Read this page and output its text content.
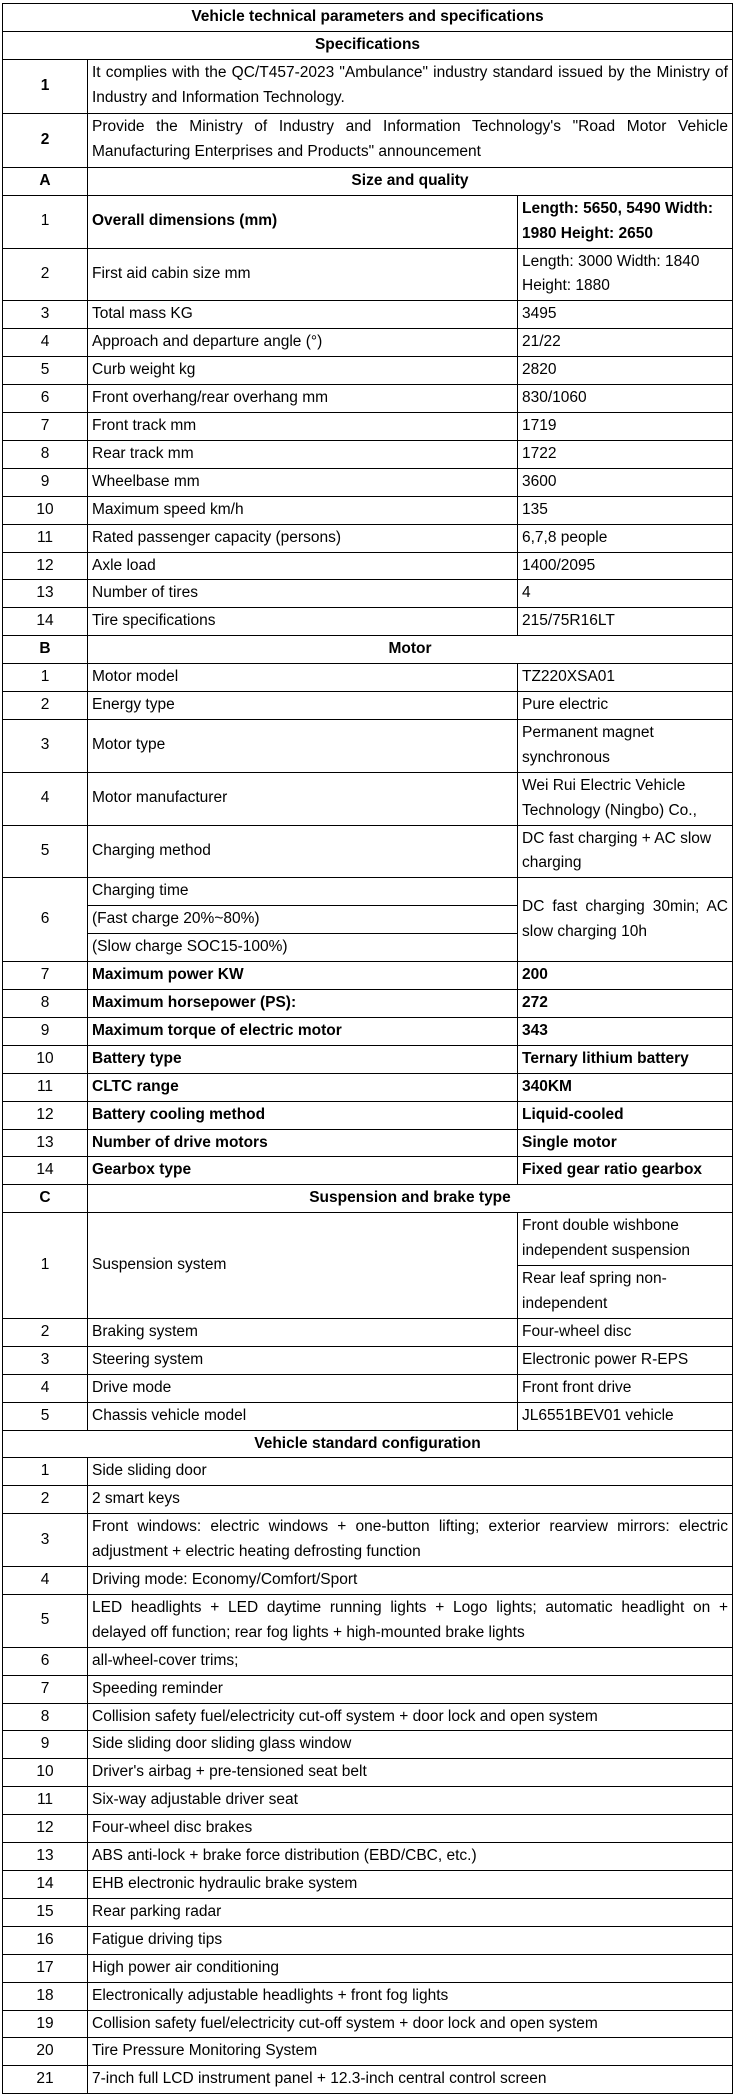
Vehicle technical parameters and specifications		
Specifications		
1	It complies with the QC/T457-2023 "Ambulance" industry standard issued by the Ministry of Industry and Information Technology.	
2	Provide the Ministry of Industry and Information Technology's "Road Motor Vehicle Manufacturing Enterprises and Products" announcement	
A	Size and quality	
1	Overall dimensions (mm)	Length: 5650, 5490 Width: 1980 Height: 2650
2	First aid cabin size mm	Length: 3000 Width: 1840 Height: 1880
3	Total mass KG	3495
4	Approach and departure angle (°)	21/22
5	Curb weight kg	2820
6	Front overhang/rear overhang mm	830/1060
7	Front track mm	1719
8	Rear track mm	1722
9	Wheelbase mm	3600
10	Maximum speed km/h	135
11	Rated passenger capacity (persons)	6,7,8 people
12	Axle load	1400/2095
13	Number of tires	4
14	Tire specifications	215/75R16LT
B	Motor	
1	Motor model	TZ220XSA01
2	Energy type	Pure electric
3	Motor type	Permanent magnet synchronous
4	Motor manufacturer	Wei Rui Electric Vehicle Technology (Ningbo) Co.,
5	Charging method	DC fast charging + AC slow charging
6	Charging time	DC fast charging 30min; AC slow charging 10h
	(Fast charge 20%~80%)	
	(Slow charge SOC15-100%)	
7	Maximum power KW	200
8	Maximum horsepower (PS):	272
9	Maximum torque of electric motor	343
10	Battery type	Ternary lithium battery
11	CLTC range	340KM
12	Battery cooling method	Liquid-cooled
13	Number of drive motors	Single motor
14	Gearbox type	Fixed gear ratio gearbox
C	Suspension and brake type	
1	Suspension system	Front double wishbone independent suspension
		Rear leaf spring non-independent
2	Braking system	Four-wheel disc
3	Steering system	Electronic power R-EPS
4	Drive mode	Front front drive
5	Chassis vehicle model	JL6551BEV01 vehicle
Vehicle standard configuration		
1	Side sliding door	
2	2 smart keys	
3	Front windows: electric windows + one-button lifting; exterior rearview mirrors: electric adjustment + electric heating defrosting function	
4	Driving mode: Economy/Comfort/Sport	
5	LED headlights + LED daytime running lights + Logo lights; automatic headlight on + delayed off function; rear fog lights + high-mounted brake lights	
6	all-wheel-cover trims;	
7	Speeding reminder	
8	Collision safety fuel/electricity cut-off system + door lock and open system	
9	Side sliding door sliding glass window	
10	Driver's airbag + pre-tensioned seat belt	
11	Six-way adjustable driver seat	
12	Four-wheel disc brakes	
13	ABS anti-lock + brake force distribution (EBD/CBC, etc.)	
14	EHB electronic hydraulic brake system	
15	Rear parking radar	
16	Fatigue driving tips	
17	High power air conditioning	
18	Electronically adjustable headlights + front fog lights	
19	Collision safety fuel/electricity cut-off system + door lock and open system	
20	Tire Pressure Monitoring System	
21	7-inch full LCD instrument panel + 12.3-inch central control screen	
